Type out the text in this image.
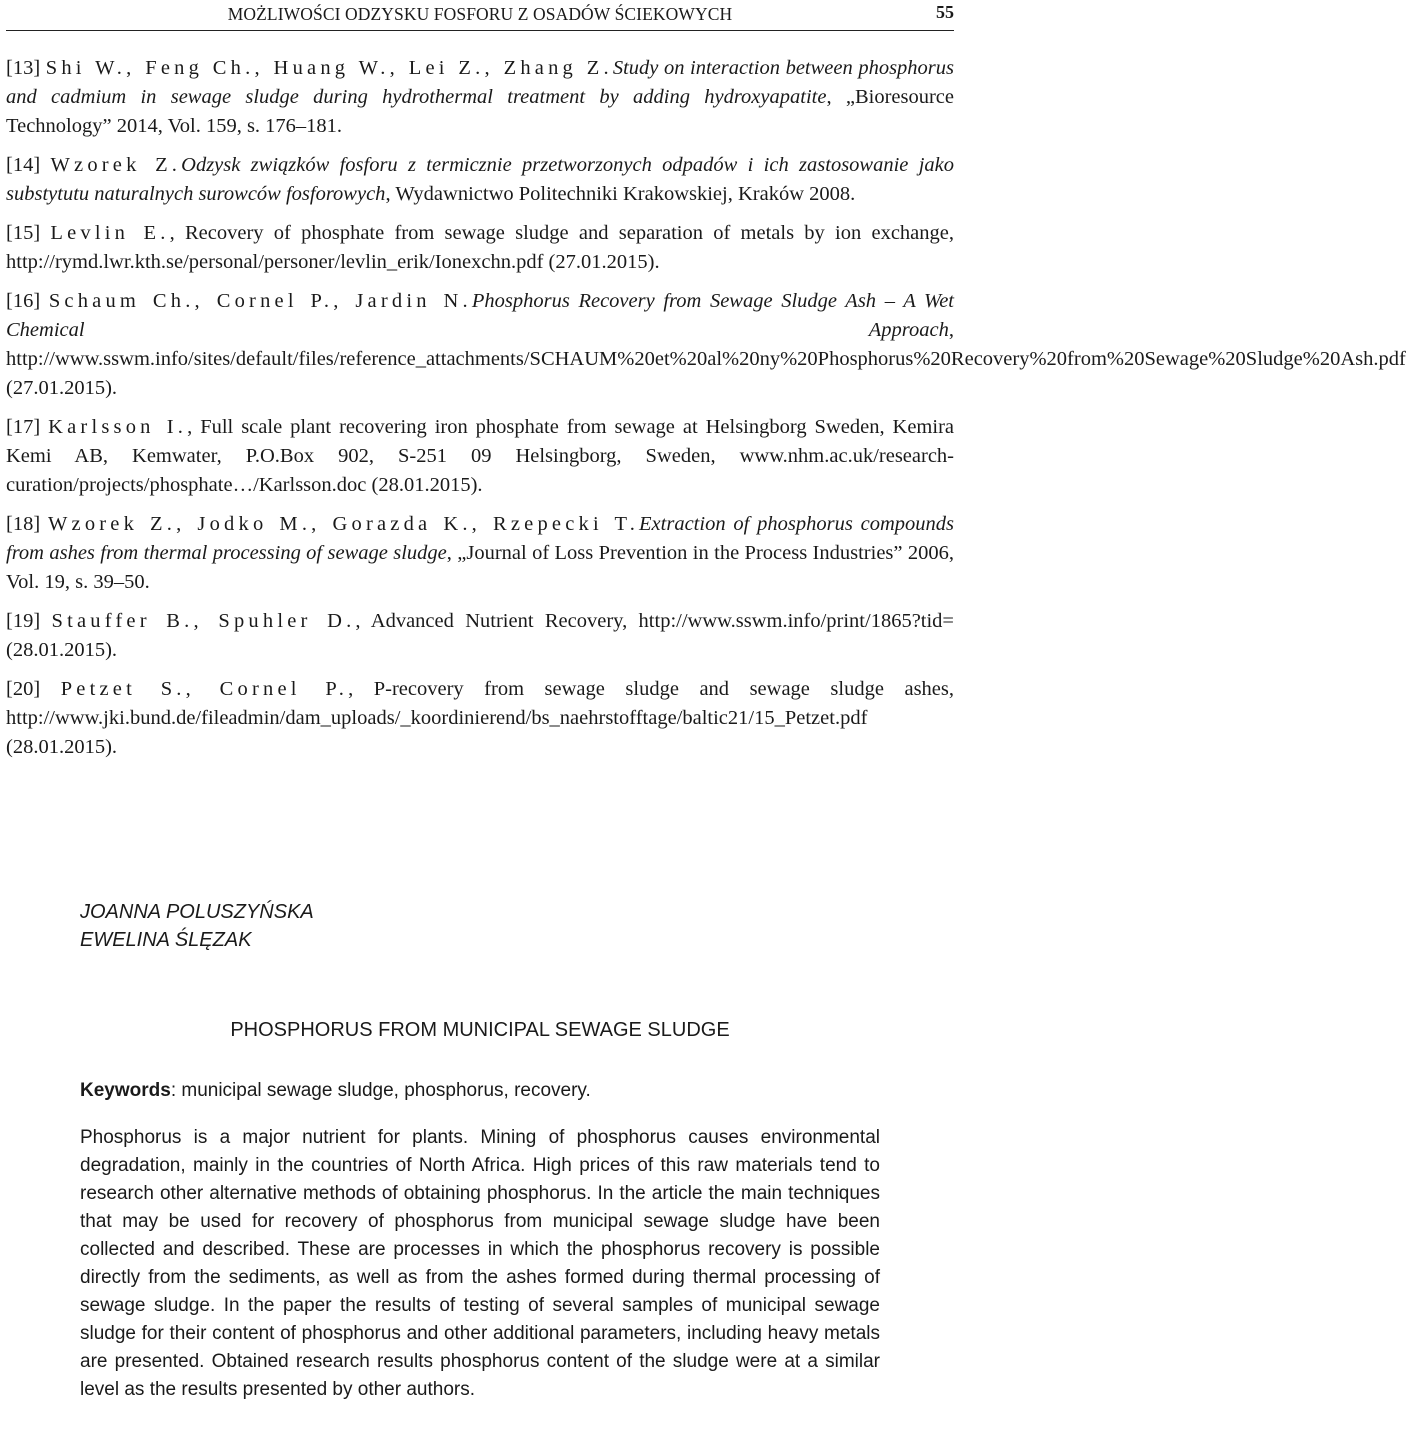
MOŻLIWOŚCI ODZYSKU FOSFORU Z OSADÓW ŚCIEKOWYCH	55

[13] Shi W., Feng Ch., Huang W., Lei Z., Zhang Z.Study on interaction between phosphorus and cadmium in sewage sludge during hydrothermal treatment by adding hydroxyapatite, „Bioresource Technology” 2014, Vol. 159, s. 176–181.

[14] Wzorek Z.Odzysk związków fosforu z termicznie przetworzonych odpadów i ich zastosowanie jako substytutu naturalnych surowców fosforowych, Wydawnictwo Politechniki Krakowskiej, Kraków 2008.

[15] Levlin E., Recovery of phosphate from sewage sludge and separation of metals by ion exchange, http://rymd.lwr.kth.se/personal/personer/levlin_erik/Ionexchn.pdf (27.01.2015).

[16] Schaum Ch., Cornel P., Jardin N.Phosphorus Recovery from Sewage Sludge Ash – A Wet Chemical Approach, http://www.sswm.info/sites/default/files/reference_attachments/SCHAUM%20et%20al%20ny%20Phosphorus%20Recovery%20from%20Sewage%20Sludge%20Ash.pdf (27.01.2015).

[17] Karlsson I., Full scale plant recovering iron phosphate from sewage at Helsingborg Sweden, Kemira Kemi AB, Kemwater, P.O.Box 902, S-251 09 Helsingborg, Sweden, www.nhm.ac.uk/research-curation/projects/phosphate…/Karlsson.doc (28.01.2015).

[18] Wzorek Z., Jodko M., Gorazda K., Rzepecki T.Extraction of phosphorus compounds from ashes from thermal processing of sewage sludge, „Journal of Loss Prevention in the Process Industries” 2006, Vol. 19, s. 39–50.

[19] Stauffer B., Spuhler D., Advanced Nutrient Recovery, http://www.sswm.info/print/1865?tid= (28.01.2015).

[20] Petzet S., Cornel P., P-recovery from sewage sludge and sewage sludge ashes, http://www.jki.bund.de/fileadmin/dam_uploads/_koordinierend/bs_naehrstofftage/baltic21/15_Petzet.pdf (28.01.2015).

JOANNA POLUSZYŃSKA

EWELINA ŚLĘZAK

PHOSPHORUS FROM MUNICIPAL SEWAGE SLUDGE

Keywords: municipal sewage sludge, phosphorus, recovery.

Phosphorus is a major nutrient for plants. Mining of phosphorus causes environmental degradation, mainly in the countries of North Africa. High prices of this raw materials tend to research other alternative methods of obtaining phosphorus. In the article the main techniques that may be used for recovery of phosphorus from municipal sewage sludge have been collected and described. These are processes in which the phosphorus recovery is possible directly from the sediments, as well as from the ashes formed during thermal processing of sewage sludge. In the paper the results of testing of several samples of municipal sewage sludge for their content of phosphorus and other additional parameters, including heavy metals are presented. Obtained research results phosphorus content of the sludge were at a similar level as the results presented by other authors.
